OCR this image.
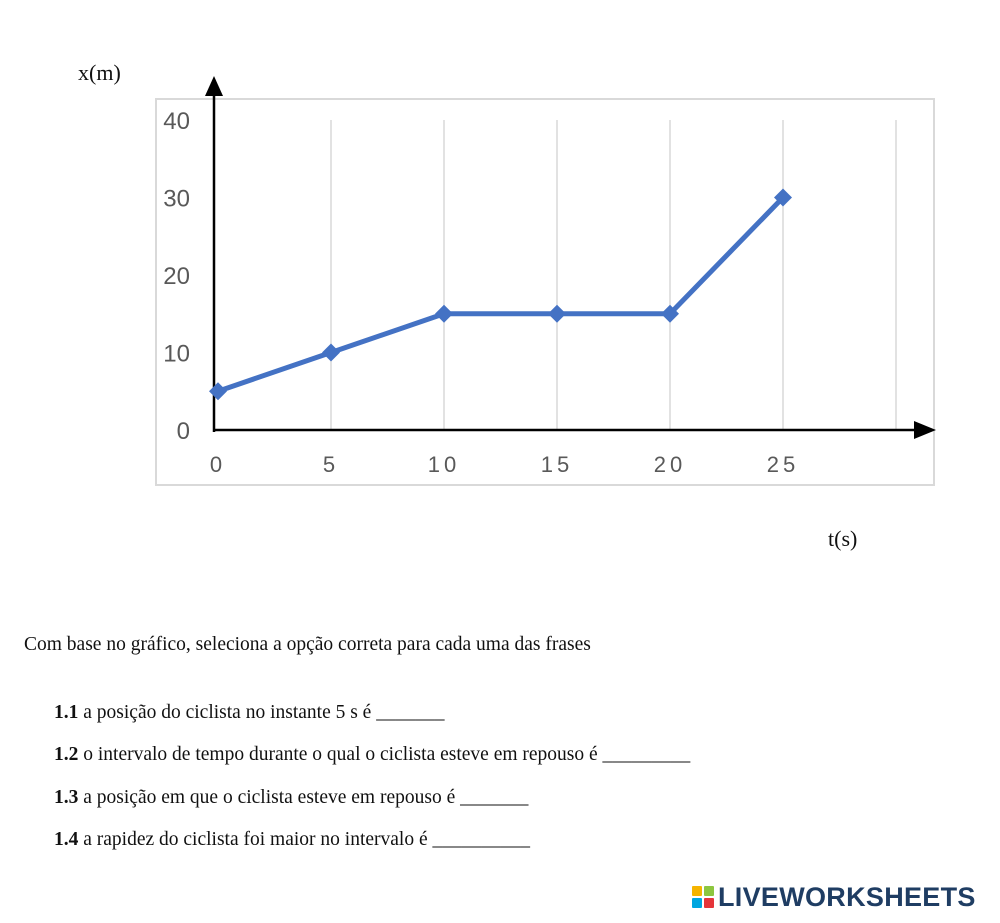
0
10
20
30
40
0	5	10	15	20	25
x(m)
t(s)
Com base no gráfico, seleciona a opção correta para cada uma das frases
1.1 a posição do ciclista no instante 5 s é _______
1.2 o intervalo de tempo durante o qual o ciclista esteve em repouso é _________
1.3 a posição em que o ciclista esteve em repouso é _______
1.4 a rapidez do ciclista foi maior no intervalo é __________
LIVEWORKSHEETS
